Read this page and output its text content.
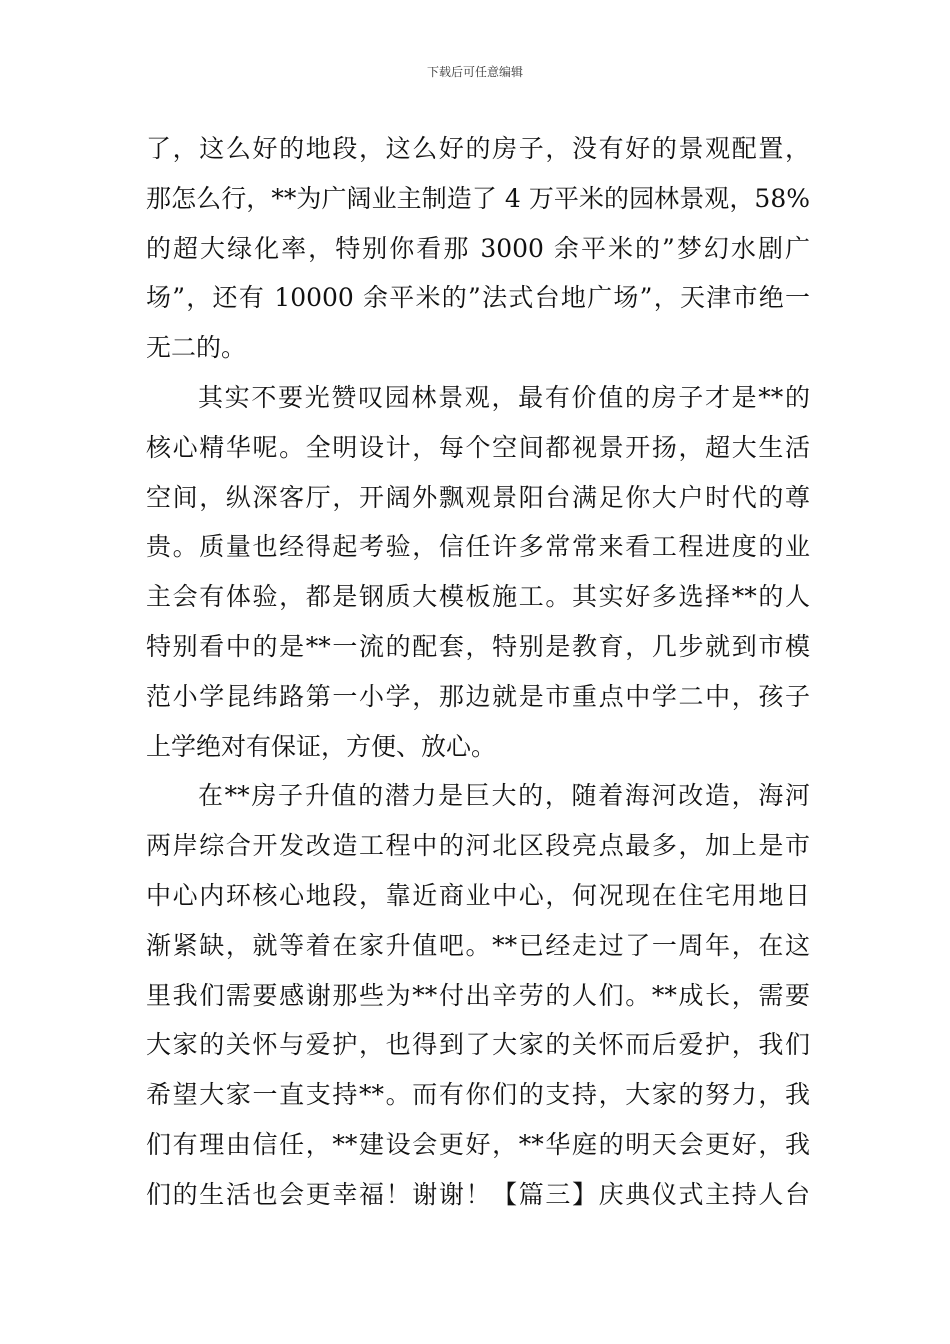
下载后可任意编辑
了，这么好的地段，这么好的房子，没有好的景观配置，
那怎么行，**为广阔业主制造了 4 万平米的园林景观，58%
的超大绿化率，特别你看那 3000 余平米的”梦幻水剧广
场”，还有 10000 余平米的”法式台地广场”，天津市绝一
无二的。
其实不要光赞叹园林景观，最有价值的房子才是**的
核心精华呢。全明设计，每个空间都视景开扬，超大生活
空间，纵深客厅，开阔外飘观景阳台满足你大户时代的尊
贵。质量也经得起考验，信任许多常常来看工程进度的业
主会有体验，都是钢质大模板施工。其实好多选择**的人
特别看中的是**一流的配套，特别是教育，几步就到市模
范小学昆纬路第一小学，那边就是市重点中学二中，孩子
上学绝对有保证，方便、放心。
在**房子升值的潜力是巨大的，随着海河改造，海河
两岸综合开发改造工程中的河北区段亮点最多，加上是市
中心内环核心地段，靠近商业中心，何况现在住宅用地日
渐紧缺，就等着在家升值吧。**已经走过了一周年，在这
里我们需要感谢那些为**付出辛劳的人们。**成长，需要
大家的关怀与爱护，也得到了大家的关怀而后爱护，我们
希望大家一直支持**。而有你们的支持，大家的努力，我
们有理由信任，**建设会更好，**华庭的明天会更好，我
们的生活也会更幸福！谢谢！【篇三】庆典仪式主持人台
